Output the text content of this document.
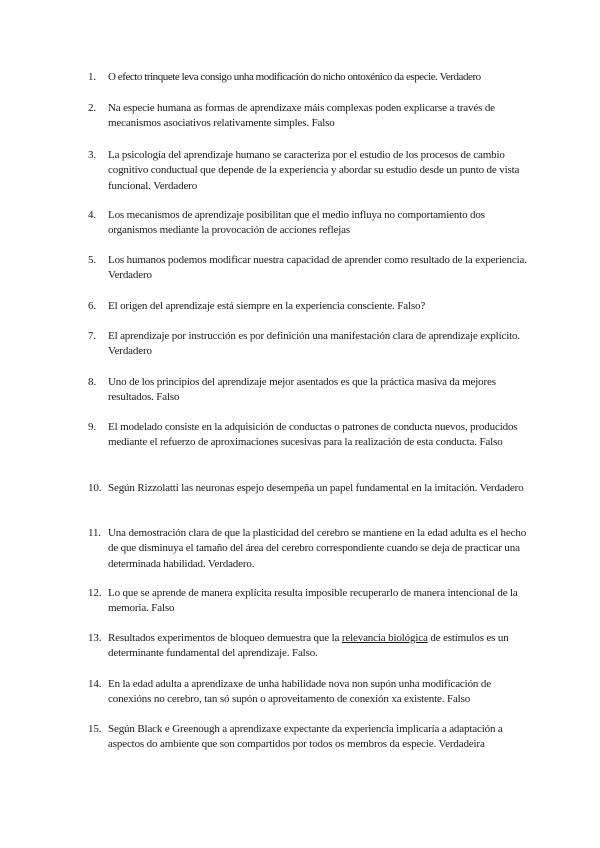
1.	O efecto trinquete leva consigo unha modificación do nicho ontoxénico da especie. Verdadero
2.	Na especie humana as formas de aprendizaxe máis complexas poden explicarse a través de mecanismos asociativos relativamente simples. Falso
3.	La psicología del aprendizaje humano se caracteriza por el estudio de los procesos de cambio cognitivo conductual que depende de la experiencia y abordar su estudio desde un punto de vista funcional. Verdadero
4.	Los mecanismos de aprendizaje posibilitan que el medio influya no comportamiento dos organismos mediante la provocación de acciones reflejas
5.	Los humanos podemos modificar nuestra capacidad de aprender como resultado de la experiencia. Verdadero
6.	El origen del aprendizaje está siempre en la experiencia consciente. Falso?
7.	El aprendizaje por instrucción es por definición una manifestación clara de aprendizaje explícito. Verdadero
8.	Uno de los principios del aprendizaje mejor asentados es que la práctica masiva da mejores resultados. Falso
9.	El modelado consiste en la adquisición de conductas o patrones de conducta nuevos, producidos mediante el refuerzo de aproximaciones sucesivas para la realización de esta conducta. Falso
10. Según Rizzolatti las neuronas espejo desempeña un papel fundamental en la imitación. Verdadero
11. Una demostración clara de que la plasticidad del cerebro se mantiene en la edad adulta es el hecho de que disminuya el tamaño del área del cerebro correspondiente cuando se deja de practicar una determinada habilidad. Verdadero.
12. Lo que se aprende de manera explícita resulta imposible recuperarlo de manera intencional de la memoria. Falso
13. Resultados experimentos de bloqueo demuestra que la relevancia biológica de estímulos es un determinante fundamental del aprendizaje. Falso.
14. En la edad adulta a aprendizaxe de unha habilidade nova non supón unha modificación de conexións no cerebro, tan só supón o aproveitamento de conexión xa existente. Falso
15. Según Black e Greenough a aprendizaxe expectante da experiencia implicaría a adaptación a aspectos do ambiente que son compartidos por todos os membros da especie. Verdadeira
